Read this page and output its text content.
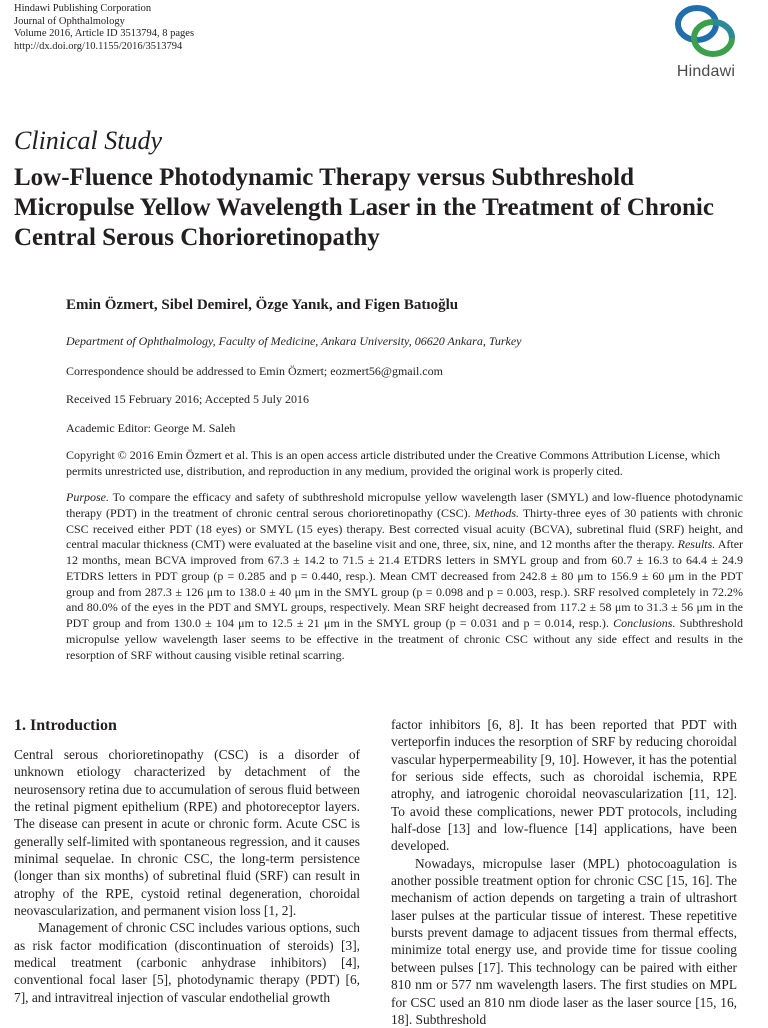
Hindawi Publishing Corporation
Journal of Ophthalmology
Volume 2016, Article ID 3513794, 8 pages
http://dx.doi.org/10.1155/2016/3513794
Hindawi
Clinical Study
Low-Fluence Photodynamic Therapy versus Subthreshold Micropulse Yellow Wavelength Laser in the Treatment of Chronic Central Serous Chorioretinopathy
Emin Özmert, Sibel Demirel, Özge Yanık, and Figen Batıoğlu
Department of Ophthalmology, Faculty of Medicine, Ankara University, 06620 Ankara, Turkey
Correspondence should be addressed to Emin Özmert; eozmert56@gmail.com
Received 15 February 2016; Accepted 5 July 2016
Academic Editor: George M. Saleh
Copyright © 2016 Emin Özmert et al. This is an open access article distributed under the Creative Commons Attribution License, which permits unrestricted use, distribution, and reproduction in any medium, provided the original work is properly cited.
Purpose. To compare the efficacy and safety of subthreshold micropulse yellow wavelength laser (SMYL) and low-fluence photodynamic therapy (PDT) in the treatment of chronic central serous chorioretinopathy (CSC). Methods. Thirty-three eyes of 30 patients with chronic CSC received either PDT (18 eyes) or SMYL (15 eyes) therapy. Best corrected visual acuity (BCVA), subretinal fluid (SRF) height, and central macular thickness (CMT) were evaluated at the baseline visit and one, three, six, nine, and 12 months after the therapy. Results. After 12 months, mean BCVA improved from 67.3 ± 14.2 to 71.5 ± 21.4 ETDRS letters in SMYL group and from 60.7 ± 16.3 to 64.4 ± 24.9 ETDRS letters in PDT group (p = 0.285 and p = 0.440, resp.). Mean CMT decreased from 242.8 ± 80 μm to 156.9 ± 60 μm in the PDT group and from 287.3 ± 126 μm to 138.0 ± 40 μm in the SMYL group (p = 0.098 and p = 0.003, resp.). SRF resolved completely in 72.2% and 80.0% of the eyes in the PDT and SMYL groups, respectively. Mean SRF height decreased from 117.2 ± 58 μm to 31.3 ± 56 μm in the PDT group and from 130.0 ± 104 μm to 12.5 ± 21 μm in the SMYL group (p = 0.031 and p = 0.014, resp.). Conclusions. Subthreshold micropulse yellow wavelength laser seems to be effective in the treatment of chronic CSC without any side effect and results in the resorption of SRF without causing visible retinal scarring.
1. Introduction

Central serous chorioretinopathy (CSC) is a disorder of unknown etiology characterized by detachment of the neurosensory retina due to accumulation of serous fluid between the retinal pigment epithelium (RPE) and photoreceptor layers. The disease can present in acute or chronic form. Acute CSC is generally self-limited with spontaneous regression, and it causes minimal sequelae. In chronic CSC, the long-term persistence (longer than six months) of subretinal fluid (SRF) can result in atrophy of the RPE, cystoid retinal degeneration, choroidal neovascularization, and permanent vision loss [1, 2].

Management of chronic CSC includes various options, such as risk factor modification (discontinuation of steroids) [3], medical treatment (carbonic anhydrase inhibitors) [4], conventional focal laser [5], photodynamic therapy (PDT) [6, 7], and intravitreal injection of vascular endothelial growth

factor inhibitors [6, 8]. It has been reported that PDT with verteporfin induces the resorption of SRF by reducing choroidal vascular hyperpermeability [9, 10]. However, it has the potential for serious side effects, such as choroidal ischemia, RPE atrophy, and iatrogenic choroidal neovascularization [11, 12]. To avoid these complications, newer PDT protocols, including half-dose [13] and low-fluence [14] applications, have been developed.

Nowadays, micropulse laser (MPL) photocoagulation is another possible treatment option for chronic CSC [15, 16]. The mechanism of action depends on targeting a train of ultrashort laser pulses at the particular tissue of interest. These repetitive bursts prevent damage to adjacent tissues from thermal effects, minimize total energy use, and provide time for tissue cooling between pulses [17]. This technology can be paired with either 810 nm or 577 nm wavelength lasers. The first studies on MPL for CSC used an 810 nm diode laser as the laser source [15, 16, 18]. Subthreshold
